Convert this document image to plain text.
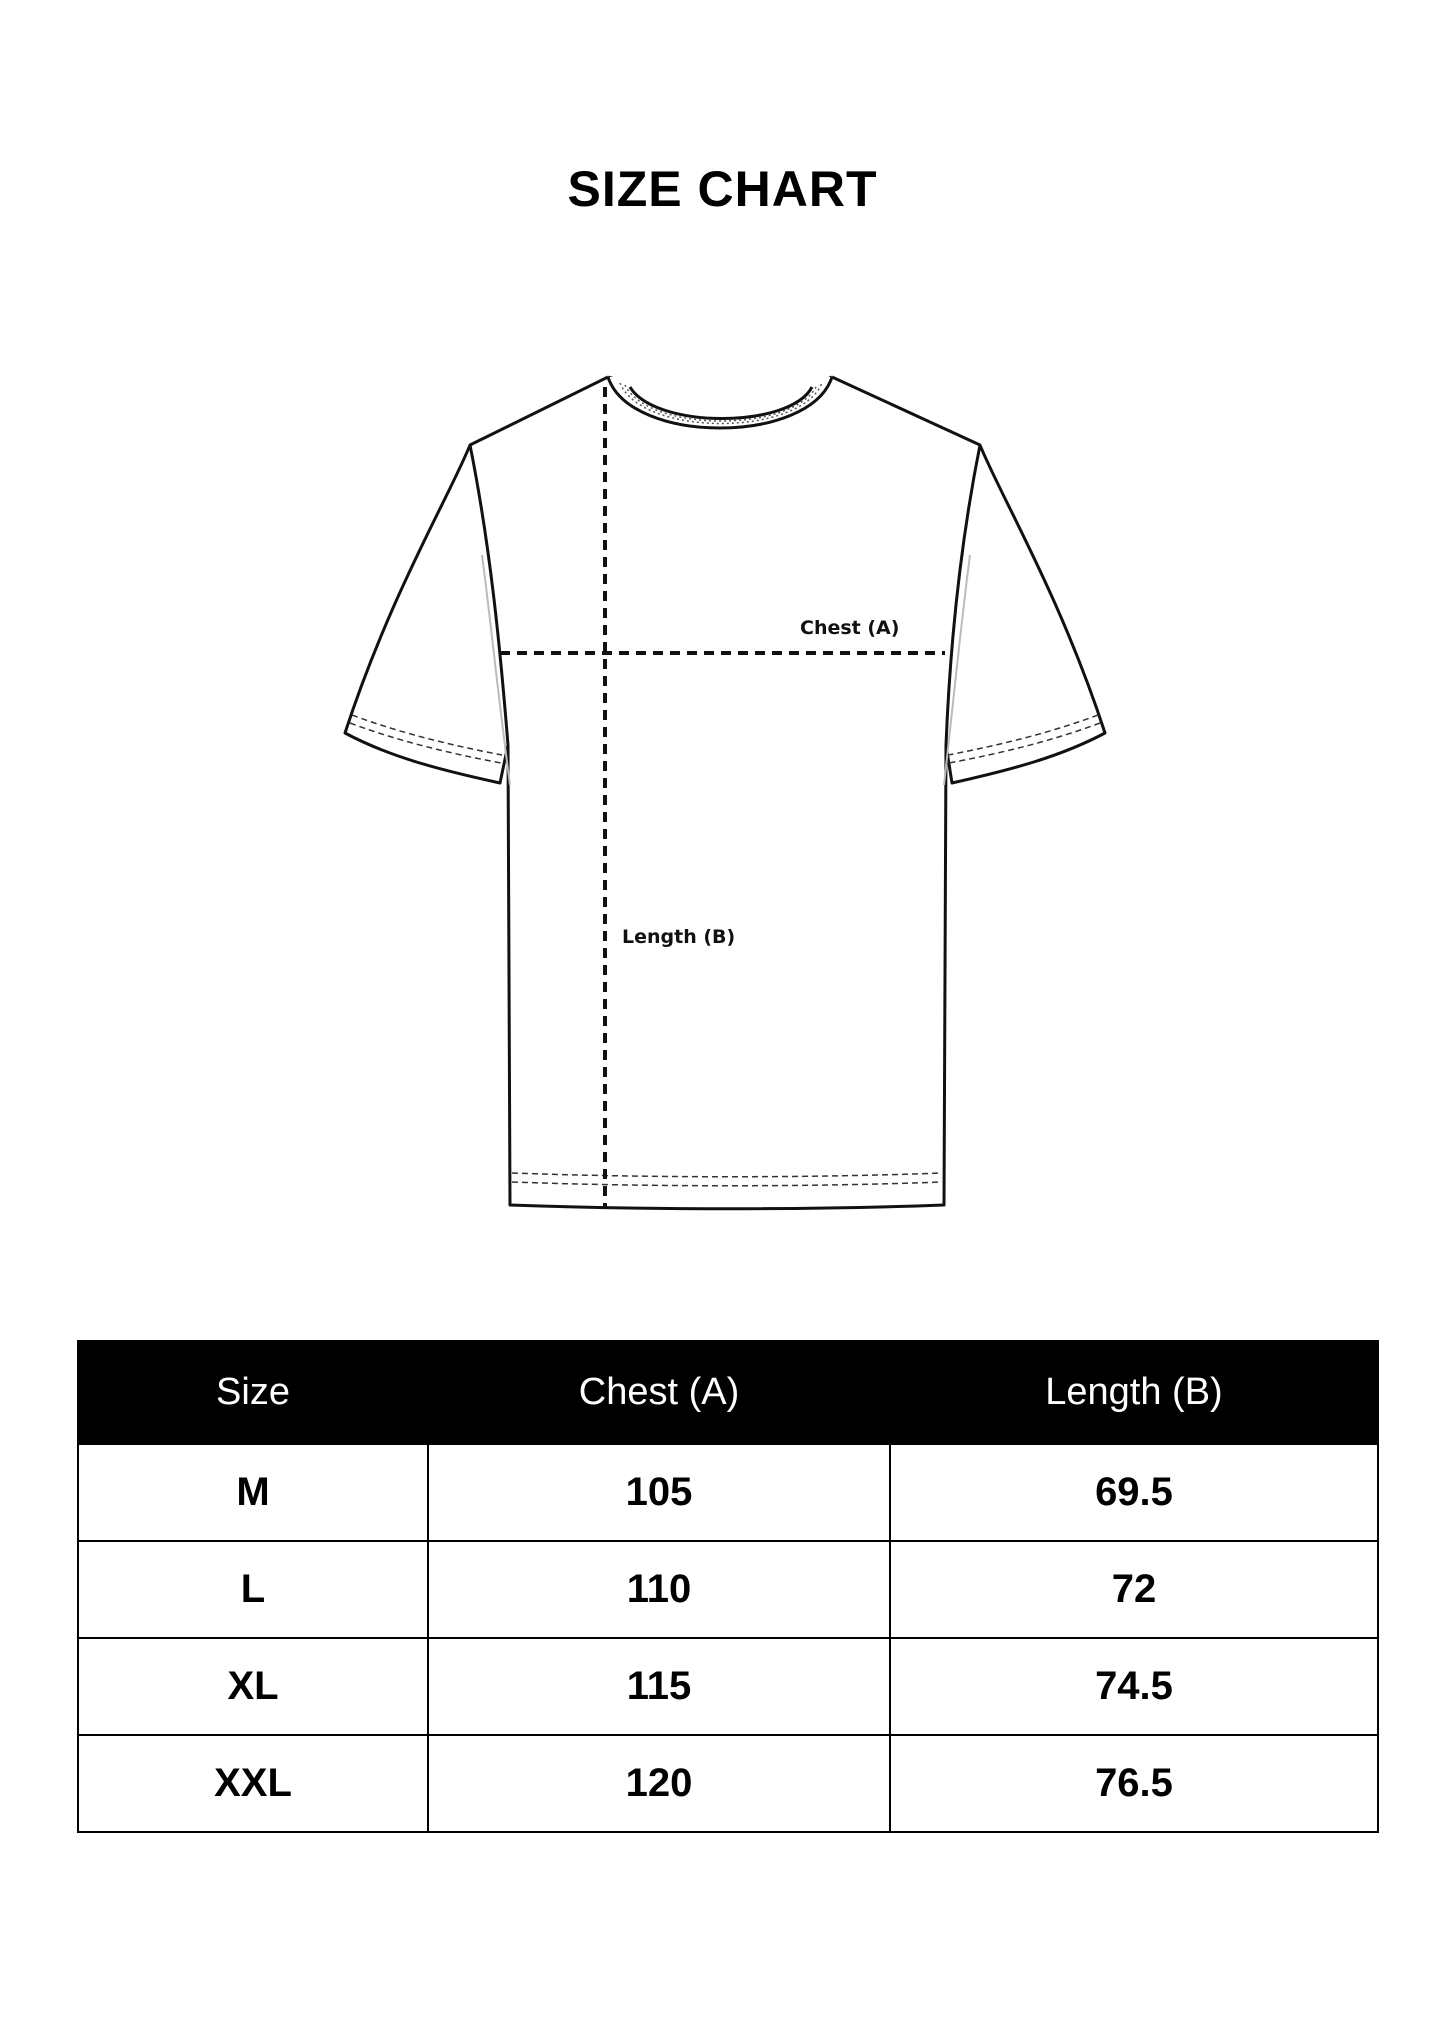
SIZE CHART
Chest (A)
Length (B)
Size	Chest (A)	Length (B)
M	105	69.5
L	110	72
XL	115	74.5
XXL	120	76.5
